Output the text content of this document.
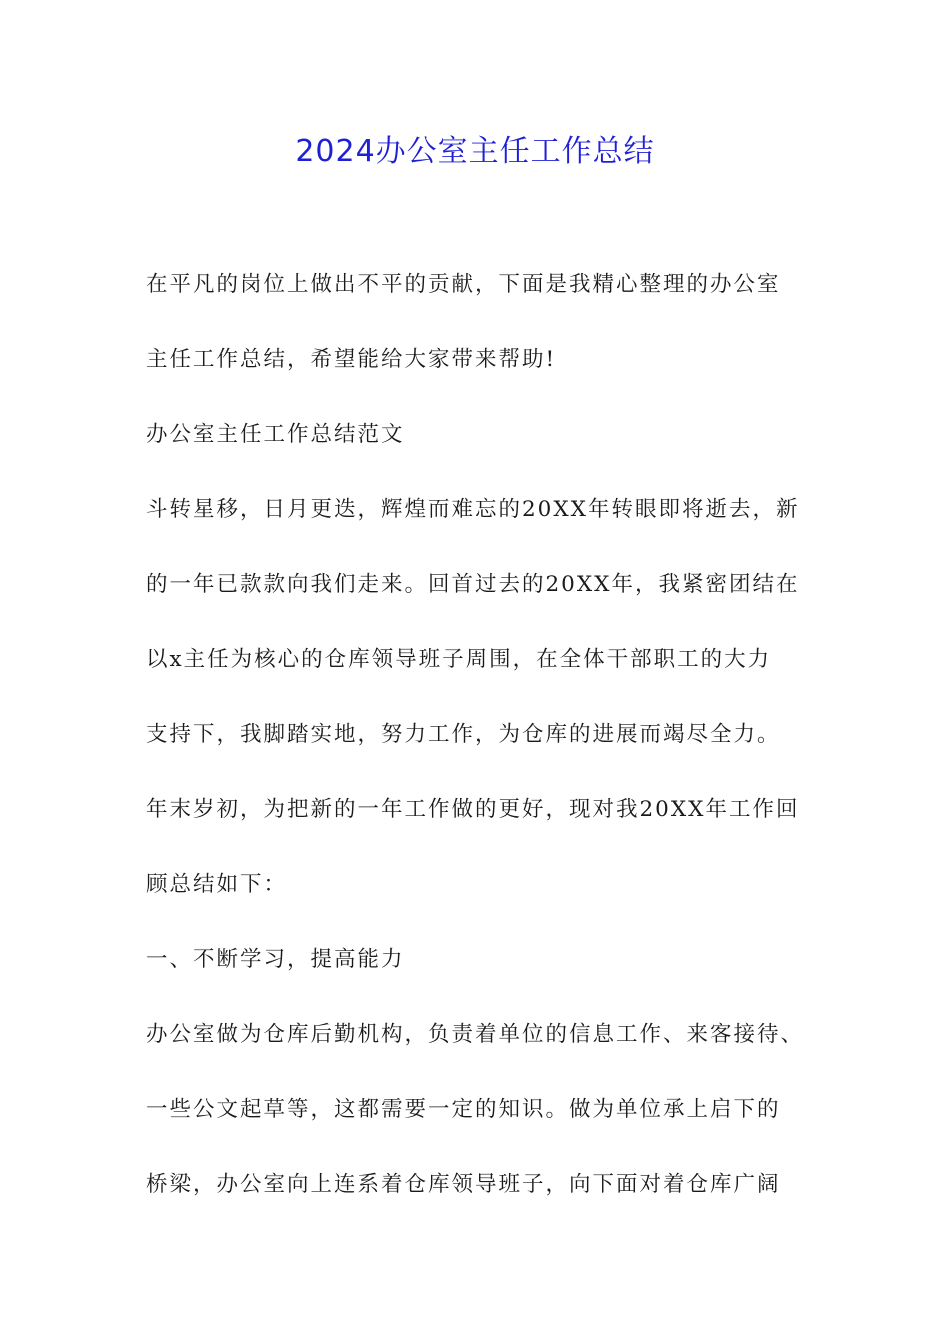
2024办公室主任工作总结
在平凡的岗位上做出不平的贡献，下面是我精心整理的办公室
主任工作总结，希望能给大家带来帮助!
办公室主任工作总结范文
斗转星移，日月更迭，辉煌而难忘的20XX年转眼即将逝去，新
的一年已款款向我们走来。回首过去的20XX年，我紧密团结在
以x主任为核心的仓库领导班子周围，在全体干部职工的大力
支持下，我脚踏实地，努力工作，为仓库的进展而竭尽全力。
年末岁初，为把新的一年工作做的更好，现对我20XX年工作回
顾总结如下：
一、不断学习，提高能力
办公室做为仓库后勤机构，负责着单位的信息工作、来客接待、
一些公文起草等，这都需要一定的知识。做为单位承上启下的
桥梁，办公室向上连系着仓库领导班子，向下面对着仓库广阔
